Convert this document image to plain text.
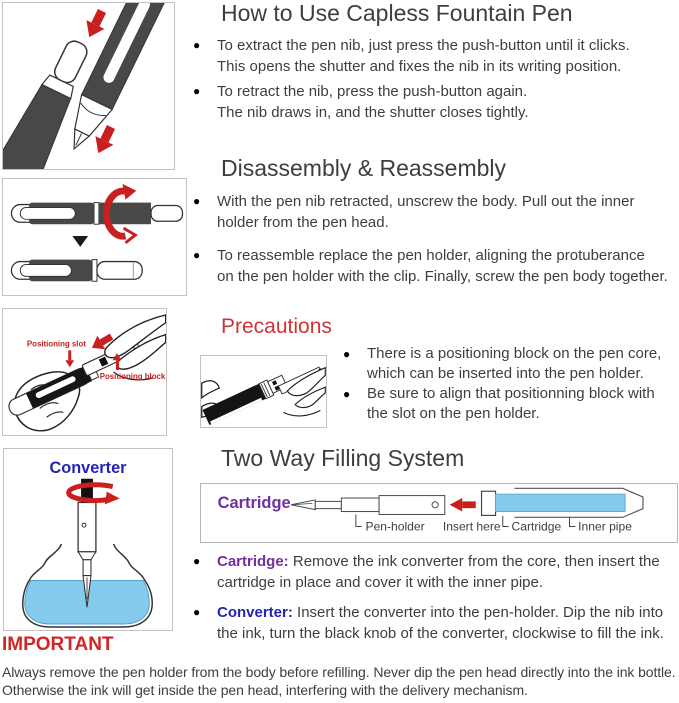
Positioning slot
Positioning block
Converter
How to Use Capless Fountain Pen
● To extract the pen nib, just press the push-button until it clicks.
This opens the shutter and fixes the nib in its writing position.
● To retract the nib, press the push-button again.
The nib draws in, and the shutter closes tightly.
Disassembly & Reassembly
● With the pen nib retracted, unscrew the body. Pull out the inner
holder from the pen head.
● To reassemble replace the pen holder, aligning the protuberance
on the pen holder with the clip. Finally, screw the pen body together.
Precautions
● There is a positioning block on the pen core,
which can be inserted into the pen holder.
● Be sure to align that positionning block with
the slot on the pen holder.
Two Way Filling System
Cartridge
Pen-holder Insert here Cartridge Inner pipe
● Cartridge: Remove the ink converter from the core, then insert the
cartridge in place and cover it with the inner pipe.
● Converter: Insert the converter into the pen-holder. Dip the nib into
the ink, turn the black knob of the converter, clockwise to fill the ink.
IMPORTANT
Always remove the pen holder from the body before refilling. Never dip the pen head directly into the ink bottle.
Otherwise the ink will get inside the pen head, interfering with the delivery mechanism.
